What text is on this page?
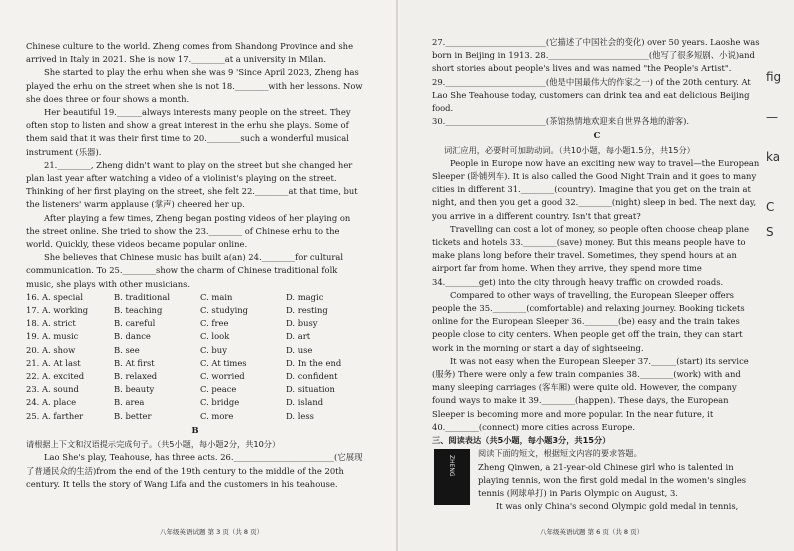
Chinese culture to the world. Zheng comes from Shandong Province and she arrived in Italy in 2021. She is now 17.________at a university in Milan.

She started to play the erhu when she was 9 'Since April 2023, Zheng has played the erhu on the street when she is not 18.________with her lessons. Now she does three or four shows a month.

Her beautiful 19.______always interests many people on the street. They often stop to listen and show a great interest in the erhu she plays. Some of them said that it was their first time to 20.________such a wonderful musical instrument (乐器).

21.________, Zheng didn't want to play on the street but she changed her plan last year after watching a video of a violinist's playing on the street. Thinking of her first playing on the street, she felt 22.________at that time, but the listeners' warm applause (掌声) cheered her up.

After playing a few times, Zheng began posting videos of her playing on the street online. She tried to show the 23.________ of Chinese erhu to the world. Quickly, these videos became popular online.

She believes that Chinese music has built a(an) 24.________for cultural communication. To 25.________show the charm of Chinese traditional folk music, she plays with other musicians.

16. A. special	B. traditional	C. main	D. magic
17. A. working	B. teaching	C. studying	D. resting
18. A. strict	B. careful	C. free	D. busy
19. A. music	B. dance	C. look	D. art
20. A. show	B. see	C. buy	D. use
21. A. At last	B. At first	C. At times	D. In the end
22. A. excited	B. relaxed	C. worried	D. confident
23. A. sound	B. beauty	C. peace	D. situation
24. A. place	B. area	C. bridge	D. island
25. A. farther	B. better	C. more	D. less

B

请根据上下文和汉语提示完成句子。（共5小题，每小题2分，共10分）

Lao She's play, Teahouse, has three acts. 26.________________________(它展现了普通民众的生活)from the end of the 19th century to the middle of the 20th century. It tells the story of Wang Lifa and the customers in his teahouse.

八年级英语试题 第 3 页（共 8 页）

27.________________________(它描述了中国社会的变化) over 50 years. Laoshe was born in Beijing in 1913. 28.________________________(他写了很多短剧、小说)and short stories about people's lives and was named "the People's Artist".

29.________________________(他是中国最伟大的作家之一) of the 20th century. At Lao She Teahouse today, customers can drink tea and eat delicious Beijing food.

30.________________________(茶馆热情地欢迎来自世界各地的游客).

C

词汇应用，必要时可加助动词。（共10小题，每小题1.5分，共15分）

People in Europe now have an exciting new way to travel—the European Sleeper (卧铺列车). It is also called the Good Night Train and it goes to many cities in different 31.________(country). Imagine that you get on the train at night, and then you get a good 32.________(night) sleep in bed. The next day, you arrive in a different country. Isn't that great?

Travelling can cost a lot of money, so people often choose cheap plane tickets and hotels 33.________(save) money. But this means people have to make plans long before their travel. Sometimes, they spend hours at an airport far from home. When they arrive, they spend more time 34.________get) into the city through heavy traffic on crowded roads.

Compared to other ways of travelling, the European Sleeper offers people the 35.________(comfortable) and relaxing journey. Booking tickets online for the European Sleeper 36.________(be) easy and the train takes people close to city centers. When people get off the train, they can start work in the morning or start a day of sightseeing.

It was not easy when the European Sleeper 37.______(start) its service (服务) There were only a few train companies 38.________(work) with and many sleeping carriages (客车厢) were quite old. However, the company found ways to make it 39.________(happen). These days, the European Sleeper is becoming more and more popular. In the near future, it 40.________(connect) more cities across Europe.

三、阅读表达（共5小题，每小题3分，共15分）

ZHENG

阅读下面的短文，根据短文内容的要求答题。

Zheng Qinwen, a 21-year-old Chinese girl who is talented in playing tennis, won the first gold medal in the women's singles tennis (网球单打) in Paris Olympic on August, 3.

It was only China's second Olympic gold medal in tennis,

八年级英语试题 第 6 页（共 8 页）
fig
—
ka
C
S
